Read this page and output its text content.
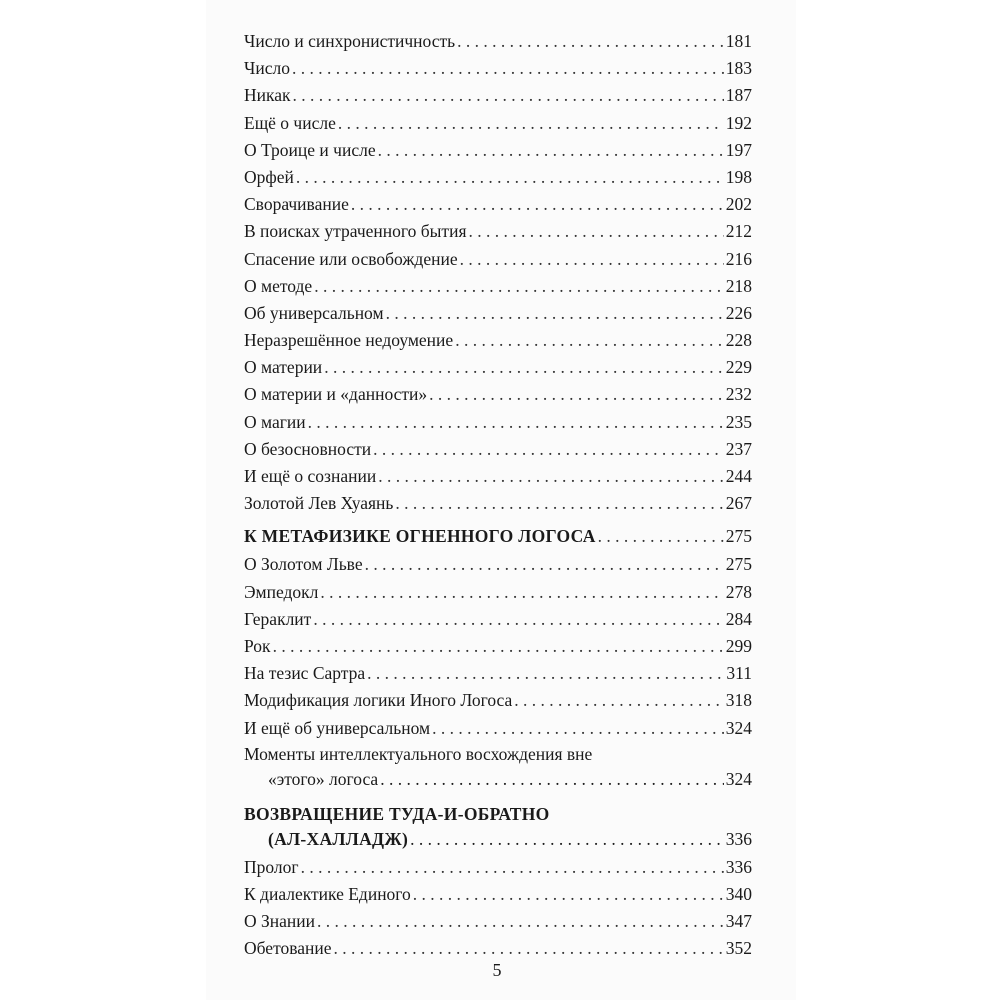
Число и синхронистичность . . .	181
Число . . .	183
Никак . . .	187
Ещё о числе . . .	192
О Троице и числе . . .	197
Орфей . . .	198
Сворачивание . . .	202
В поисках утраченного бытия . . .	212
Спасение или освобождение . . .	216
О методе . . .	218
Об универсальном . . .	226
Неразрешённое недоумение . . .	228
О материи . . .	229
О материи и «данности» . . .	232
О магии . . .	235
О безосновности . . .	237
И ещё о сознании . . .	244
Золотой Лев Хуаянь . . .	267
К МЕТАФИЗИКЕ ОГНЕННОГО ЛОГОСА . . .	275
О Золотом Льве . . .	275
Эмпедокл . . .	278
Гераклит . . .	284
Рок . . .	299
На тезис Сартра . . .	311
Модификация логики Иного Логоса . . .	318
И ещё об универсальном . . .	324
Моменты интеллектуального восхождения вне
«этого» логоса . . .	324
ВОЗВРАЩЕНИЕ ТУДА-И-ОБРАТНО
(АЛ-ХАЛЛАДЖ) . . .	336
Пролог . . .	336
К диалектике Единого . . .	340
О Знании . . .	347
Обетование . . .	352
5
